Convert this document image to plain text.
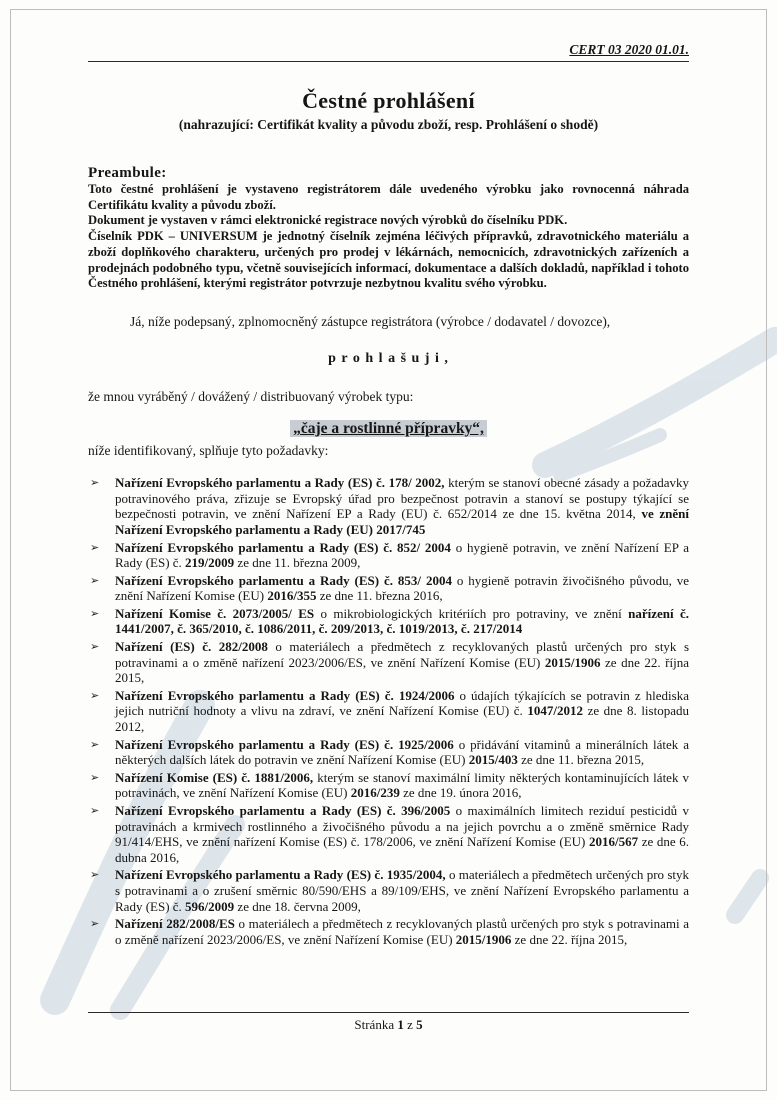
CERT 03 2020 01.01.
Čestné prohlášení
(nahrazující: Certifikát kvality a původu zboží, resp. Prohlášení o shodě)
Preambule:

Toto čestné prohlášení je vystaveno registrátorem dále uvedeného výrobku jako rovnocenná náhrada Certifikátu kvality a původu zboží.

Dokument je vystaven v rámci elektronické registrace nových výrobků do číselníku PDK.

Číselník PDK – UNIVERSUM je jednotný číselník zejména léčivých přípravků, zdravotnického materiálu a zboží doplňkového charakteru, určených pro prodej v lékárnách, nemocnicích, zdravotnických zařízeních a prodejnách podobného typu, včetně souvisejících informací, dokumentace a dalších dokladů, například i tohoto Čestného prohlášení, kterými registrátor potvrzuje nezbytnou kvalitu svého výrobku.

Já, níže podepsaný, zplnomocněný zástupce registrátora (výrobce / dodavatel / dovozce),

p r o h l a š u j i ,

že mnou vyráběný / dovážený / distribuovaný výrobek typu:

„čaje a rostlinné přípravky“,

níže identifikovaný, splňuje tyto požadavky:

➢ Nařízení Evropského parlamentu a Rady (ES) č. 178/ 2002, kterým se stanoví obecné zásady a požadavky potravinového práva, zřizuje se Evropský úřad pro bezpečnost potravin a stanoví se postupy týkající se bezpečnosti potravin, ve znění Nařízení EP a Rady (EU) č. 652/2014 ze dne 15. května 2014, ve znění Nařízení Evropského parlamentu a Rady (EU) 2017/745
➢ Nařízení Evropského parlamentu a Rady (ES) č. 852/ 2004 o hygieně potravin, ve znění Nařízení EP a Rady (ES) č. 219/2009 ze dne 11. března 2009,
➢ Nařízení Evropského parlamentu a Rady (ES) č. 853/ 2004 o hygieně potravin živočišného původu, ve znění Nařízení Komise (EU) 2016/355 ze dne 11. března 2016,
➢ Nařízení Komise č. 2073/2005/ ES o mikrobiologických kritériích pro potraviny, ve znění nařízení č. 1441/2007, č. 365/2010, č. 1086/2011, č. 209/2013, č. 1019/2013, č. 217/2014
➢ Nařízení (ES) č. 282/2008 o materiálech a předmětech z recyklovaných plastů určených pro styk s potravinami a o změně nařízení 2023/2006/ES, ve znění Nařízení Komise (EU) 2015/1906 ze dne 22. října 2015,
➢ Nařízení Evropského parlamentu a Rady (ES) č. 1924/2006 o údajích týkajících se potravin z hlediska jejich nutriční hodnoty a vlivu na zdraví, ve znění Nařízení Komise (EU) č. 1047/2012 ze dne 8. listopadu 2012,
➢ Nařízení Evropského parlamentu a Rady (ES) č. 1925/2006 o přidávání vitaminů a minerálních látek a některých dalších látek do potravin ve znění Nařízení Komise (EU) 2015/403 ze dne 11. března 2015,
➢ Nařízení Komise (ES) č. 1881/2006, kterým se stanoví maximální limity některých kontaminujících látek v potravinách, ve znění Nařízení Komise (EU) 2016/239 ze dne 19. února 2016,
➢ Nařízení Evropského parlamentu a Rady (ES) č. 396/2005 o maximálních limitech reziduí pesticidů v potravinách a krmivech rostlinného a živočišného původu a na jejich povrchu a o změně směrnice Rady 91/414/EHS, ve znění nařízení Komise (ES) č. 178/2006, ve znění Nařízení Komise (EU) 2016/567 ze dne 6. dubna 2016,
➢ Nařízení Evropského parlamentu a Rady (ES) č. 1935/2004, o materiálech a předmětech určených pro styk s potravinami a o zrušení směrnic 80/590/EHS a 89/109/EHS, ve znění Nařízení Evropského parlamentu a Rady (ES) č. 596/2009 ze dne 18. června 2009,
➢ Nařízení 282/2008/ES o materiálech a předmětech z recyklovaných plastů určených pro styk s potravinami a o změně nařízení 2023/2006/ES, ve znění Nařízení Komise (EU) 2015/1906 ze dne 22. října 2015,
Stránka 1 z 5
